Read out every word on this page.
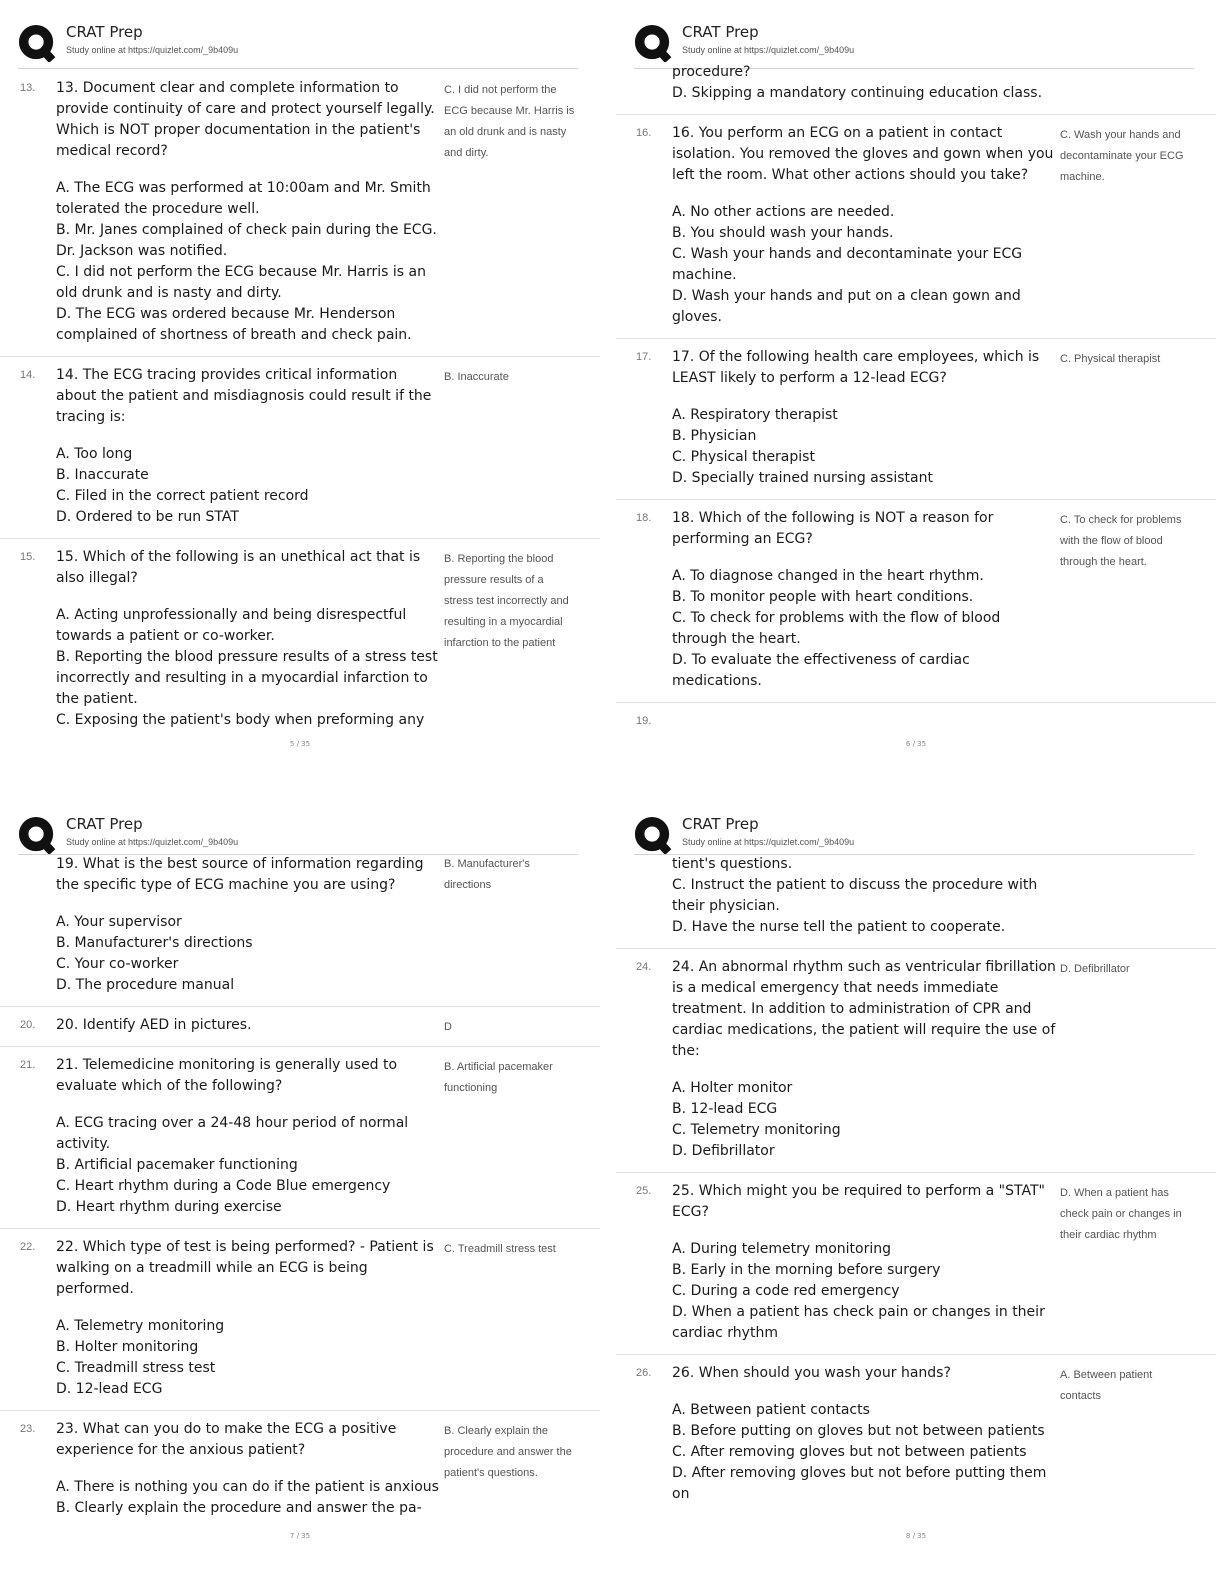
CRAT Prep
Study online at https://quizlet.com/_9b409u
13. 13. Document clear and complete information to provide continuity of care and protect yourself legally. Which is NOT proper documentation in the patient's medical record?

A. The ECG was performed at 10:00am and Mr. Smith tolerated the procedure well.

B. Mr. Janes complained of check pain during the ECG. Dr. Jackson was notified.

C. I did not perform the ECG because Mr. Harris is an old drunk and is nasty and dirty.

D. The ECG was ordered because Mr. Henderson complained of shortness of breath and check pain.

C. I did not perform the ECG because Mr. Harris is an old drunk and is nasty and dirty.
14. 14. The ECG tracing provides critical information about the patient and misdiagnosis could result if the tracing is:

A. Too long

B. Inaccurate

C. Filed in the correct patient record

D. Ordered to be run STAT

B. Inaccurate
15. 15. Which of the following is an unethical act that is also illegal?

A. Acting unprofessionally and being disrespectful towards a patient or co-worker.

B. Reporting the blood pressure results of a stress test incorrectly and resulting in a myocardial infarction to the patient.

C. Exposing the patient's body when preforming any

B. Reporting the blood pressure results of a stress test incorrectly and resulting in a myocardial infarction to the patient
5 / 35
CRAT Prep
Study online at https://quizlet.com/_9b409u

procedure?

D. Skipping a mandatory continuing education class.

16. 16. You perform an ECG on a patient in contact isolation. You removed the gloves and gown when you left the room. What other actions should you take?

A. No other actions are needed.

B. You should wash your hands.

C. Wash your hands and decontaminate your ECG machine.

D. Wash your hands and put on a clean gown and gloves.

C. Wash your hands and decontaminate your ECG machine.
17. 17. Of the following health care employees, which is LEAST likely to perform a 12-lead ECG?

A. Respiratory therapist

B. Physician

C. Physical therapist

D. Specially trained nursing assistant

C. Physical therapist
18. 18. Which of the following is NOT a reason for performing an ECG?

A. To diagnose changed in the heart rhythm.

B. To monitor people with heart conditions.

C. To check for problems with the flow of blood through the heart.

D. To evaluate the effectiveness of cardiac medications.

C. To check for problems with the flow of blood through the heart.
19.
6 / 35
CRAT Prep
Study online at https://quizlet.com/_9b409u

19. What is the best source of information regarding the specific type of ECG machine you are using?

A. Your supervisor

B. Manufacturer's directions

C. Your co-worker

D. The procedure manual

B. Manufacturer's directions
20. 20. Identify AED in pictures.	D
21. 21. Telemedicine monitoring is generally used to evaluate which of the following?

A. ECG tracing over a 24-48 hour period of normal activity.

B. Artificial pacemaker functioning

C. Heart rhythm during a Code Blue emergency

D. Heart rhythm during exercise

B. Artificial pacemaker functioning
22. 22. Which type of test is being performed? - Patient is walking on a treadmill while an ECG is being performed.

A. Telemetry monitoring

B. Holter monitoring

C. Treadmill stress test

D. 12-lead ECG

C. Treadmill stress test
23. 23. What can you do to make the ECG a positive experience for the anxious patient?

A. There is nothing you can do if the patient is anxious

B. Clearly explain the procedure and answer the pa-

B. Clearly explain the procedure and answer the patient's questions.
7 / 35
CRAT Prep
Study online at https://quizlet.com/_9b409u

tient's questions.

C. Instruct the patient to discuss the procedure with their physician.

D. Have the nurse tell the patient to cooperate.

24. 24. An abnormal rhythm such as ventricular fibrillation is a medical emergency that needs immediate treatment. In addition to administration of CPR and cardiac medications, the patient will require the use of the:

A. Holter monitor

B. 12-lead ECG

C. Telemetry monitoring

D. Defibrillator

D. Defibrillator
25. 25. Which might you be required to perform a "STAT" ECG?

A. During telemetry monitoring

B. Early in the morning before surgery

C. During a code red emergency

D. When a patient has check pain or changes in their cardiac rhythm

D. When a patient has check pain or changes in their cardiac rhythm
26. 26. When should you wash your hands?

A. Between patient contacts

B. Before putting on gloves but not between patients

C. After removing gloves but not between patients

D. After removing gloves but not before putting them on

A. Between patient contacts
8 / 35
